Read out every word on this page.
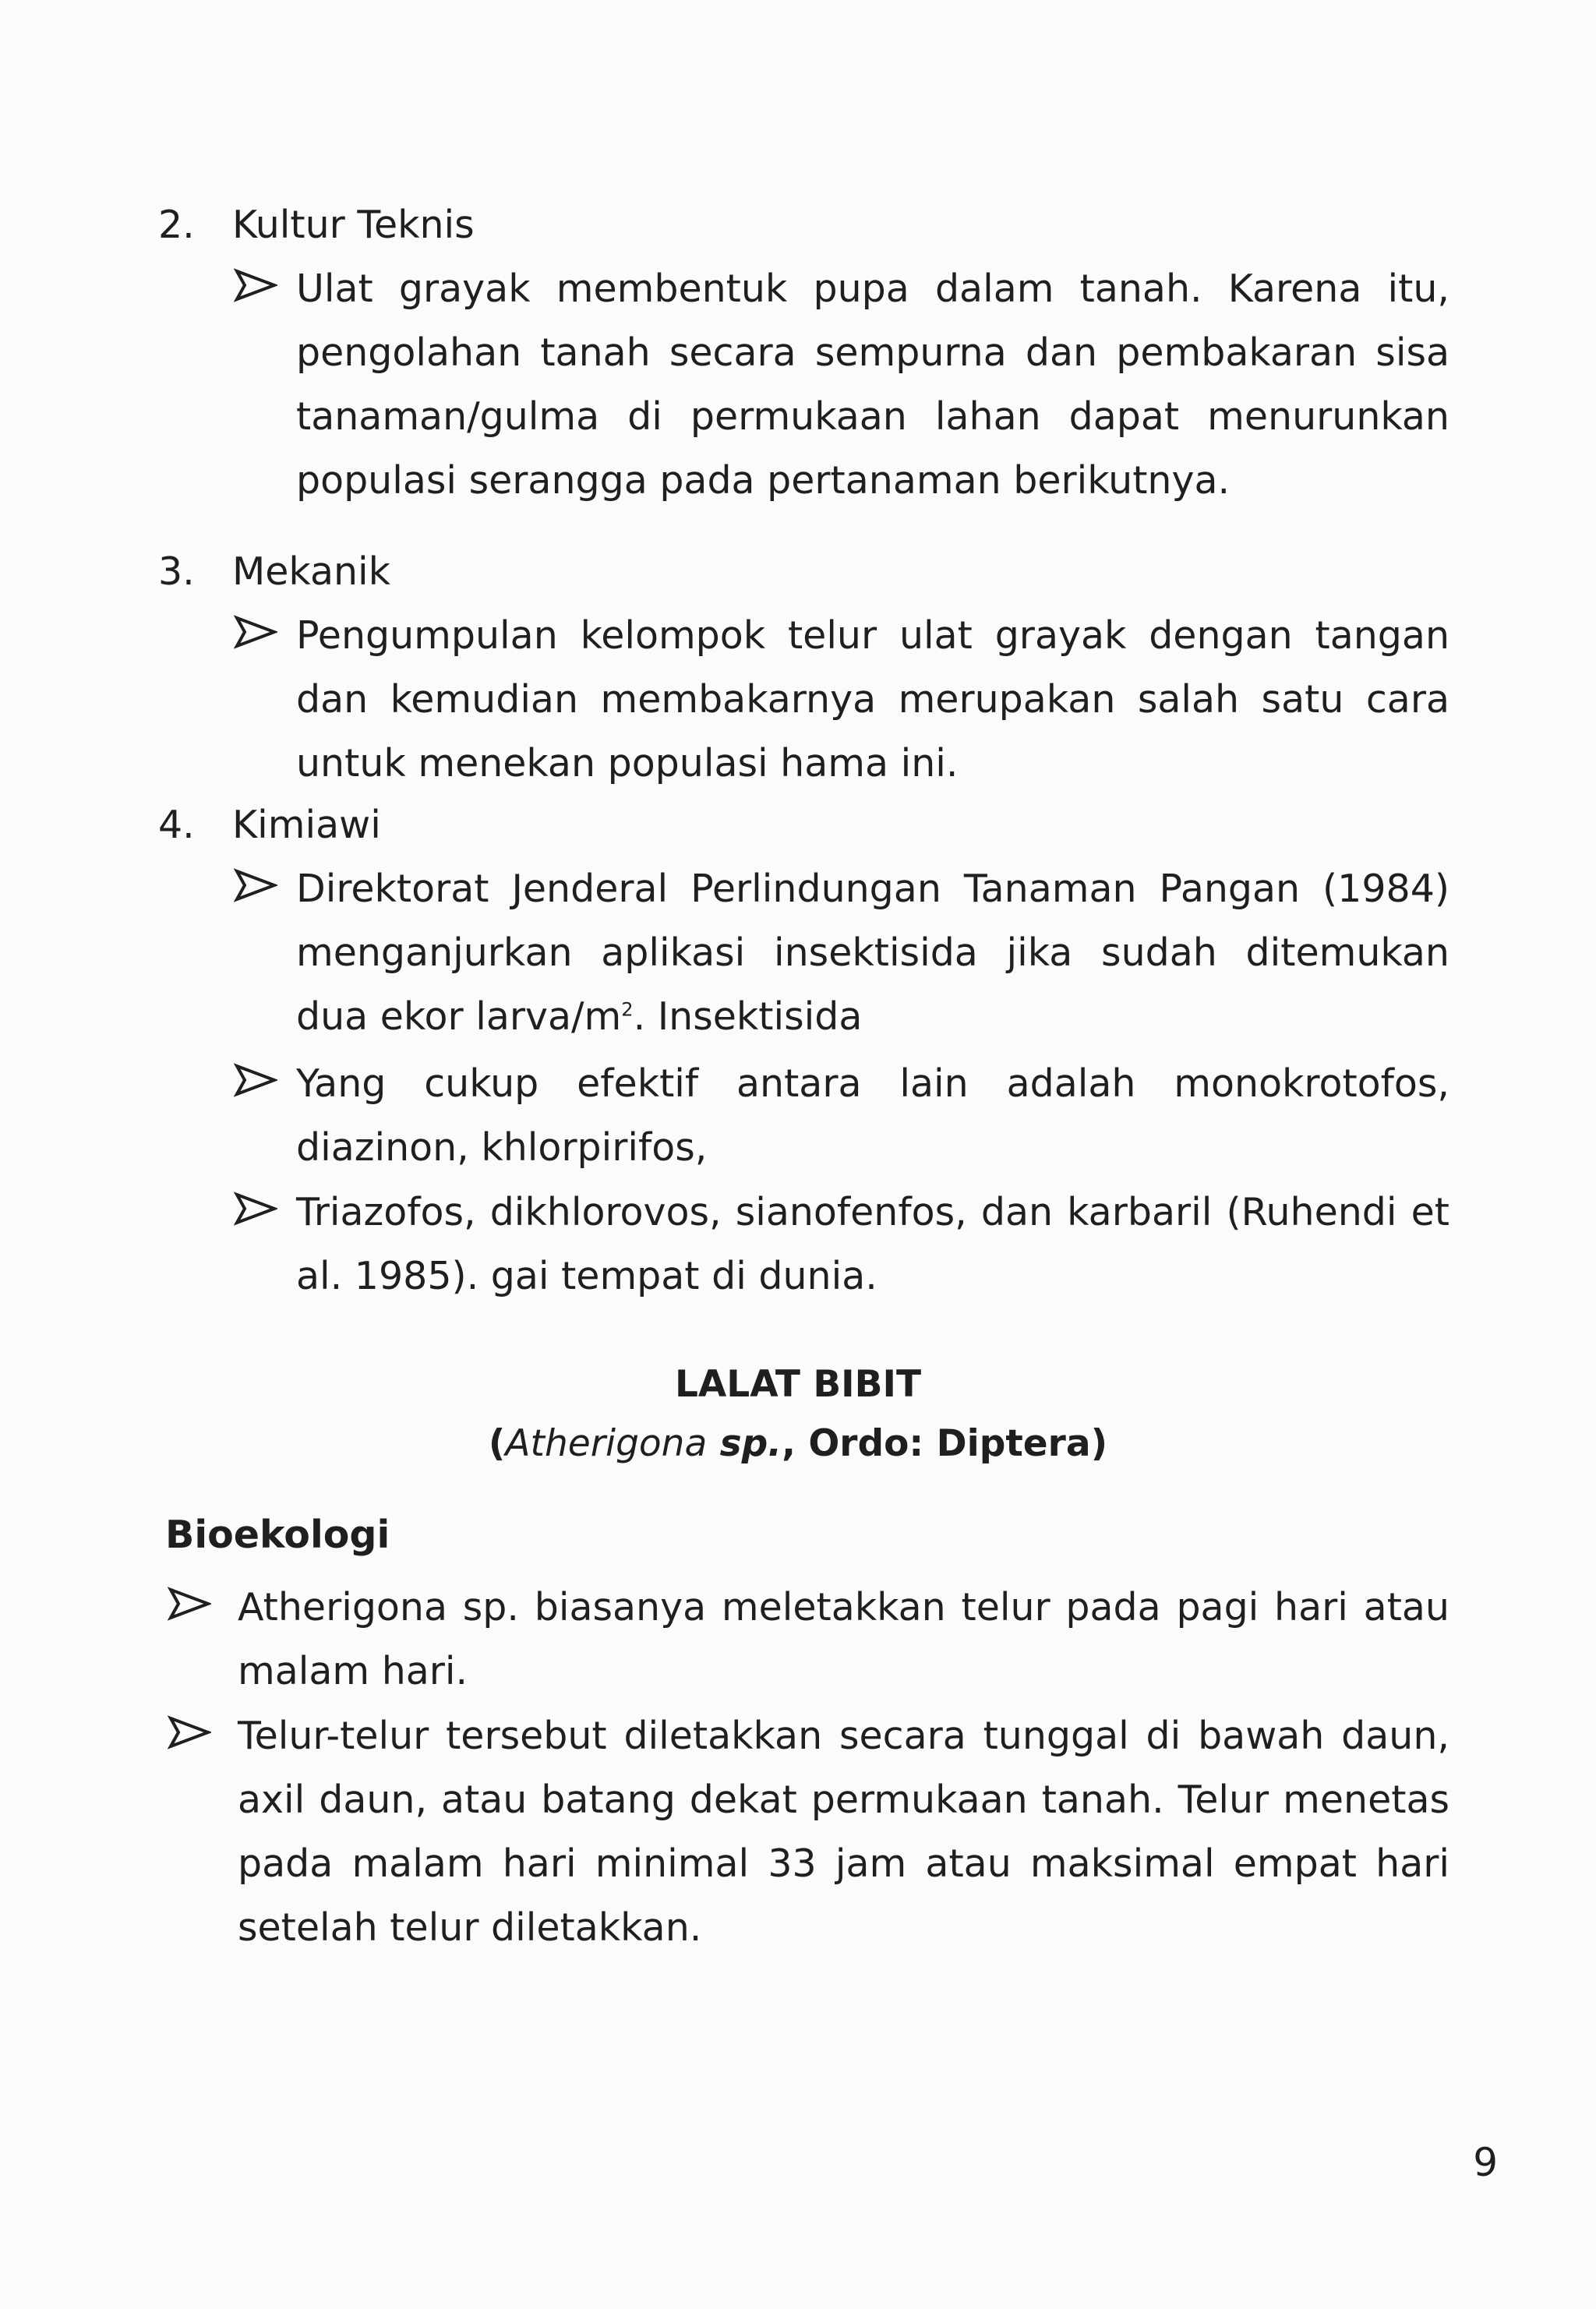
2. Kultur Teknis
Ulat grayak membentuk pupa dalam tanah. Karena itu, pengolahan tanah secara sempurna dan pembakaran sisa tanaman/gulma di permukaan lahan dapat menurunkan populasi serangga pada pertanaman berikutnya.
3. Mekanik
Pengumpulan kelompok telur ulat grayak dengan tangan dan kemudian membakarnya merupakan salah satu cara untuk menekan populasi hama ini.
4. Kimiawi
Direktorat Jenderal Perlindungan Tanaman Pangan (1984) menganjurkan aplikasi insektisida jika sudah ditemukan dua ekor larva/$m^2$. Insektisida
Yang cukup efektif antara lain adalah monokrotofos, diazinon, khlorpirifos,
Triazofos, dikhlorovos, sianofenfos, dan karbaril (Ruhendi et al. 1985). gai tempat di dunia.
LALAT BIBIT
(Atherigona sp., Ordo: Diptera)
Bioekologi
Atherigona sp. biasanya meletakkan telur pada pagi hari atau malam hari.
Telur-telur tersebut diletakkan secara tunggal di bawah daun, axil daun, atau batang dekat permukaan tanah. Telur menetas pada malam hari minimal 33 jam atau maksimal empat hari setelah telur diletakkan.
9
